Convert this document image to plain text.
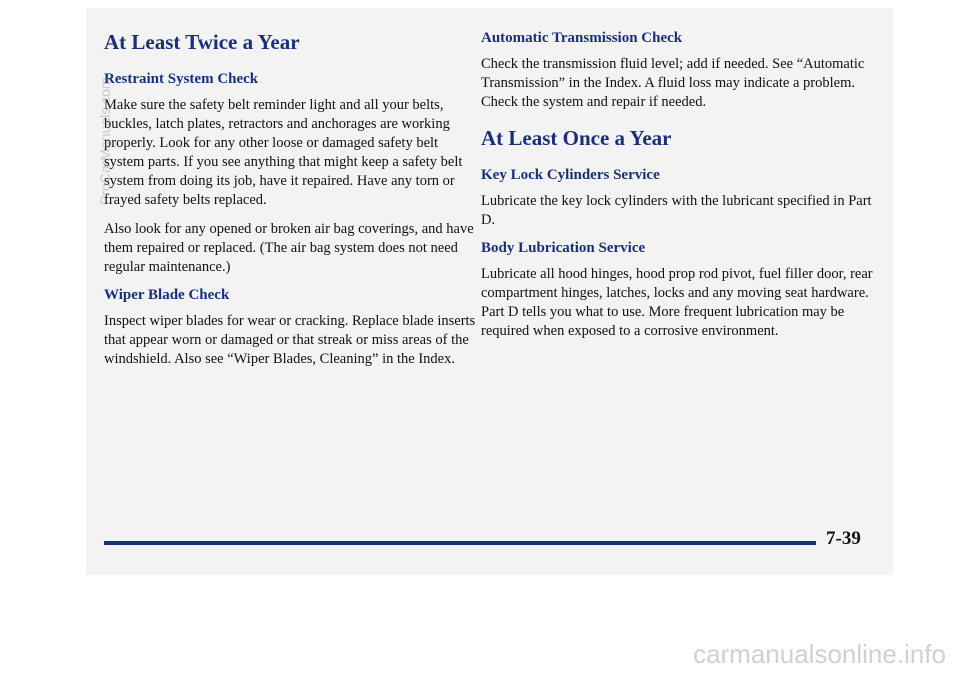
At Least Twice a Year
Restraint System Check

Make sure the safety belt reminder light and all your belts, buckles, latch plates, retractors and anchorages are working properly. Look for any other loose or damaged safety belt system parts. If you see anything that might keep a safety belt system from doing its job, have it repaired. Have any torn or frayed safety belts replaced.

Also look for any opened or broken air bag coverings, and have them repaired or replaced. (The air bag system does not need regular maintenance.)

Wiper Blade Check

Inspect wiper blades for wear or cracking. Replace blade inserts that appear worn or damaged or that streak or miss areas of the windshield. Also see “Wiper Blades, Cleaning” in the Index.

Automatic Transmission Check

Check the transmission fluid level; add if needed. See “Automatic Transmission” in the Index. A fluid loss may indicate a problem. Check the system and repair if needed.

At Least Once a Year
Key Lock Cylinders Service

Lubricate the key lock cylinders with the lubricant specified in Part D.

Body Lubrication Service

Lubricate all hood hinges, hood prop rod pivot, fuel filler door, rear compartment hinges, latches, locks and any moving seat hardware. Part D tells you what to use. More frequent lubrication may be required when exposed to a corrosive environment.

7-39
ProCarManuals.com
carmanualsonline.info
